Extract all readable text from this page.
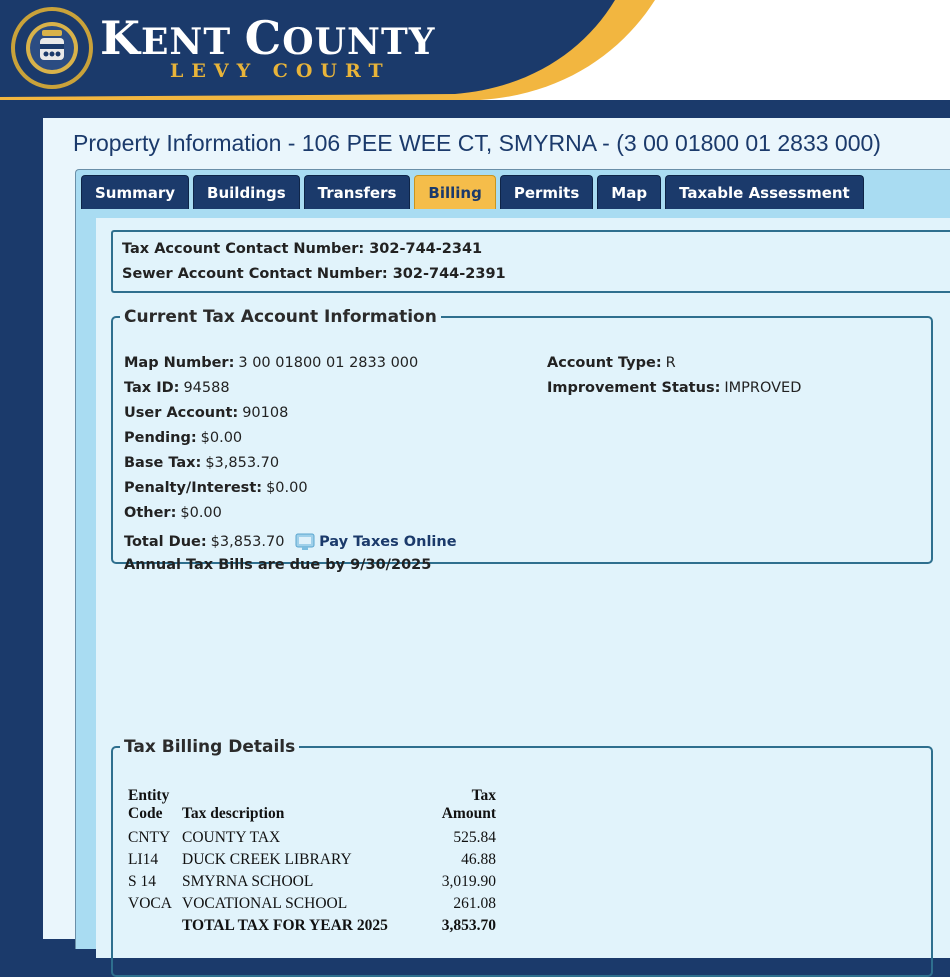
KENT COUNTY
LEVY COURT
Property Information - 106 PEE WEE CT, SMYRNA - (3 00 01800 01 2833 000)
Summary	Buildings	Transfers	Billing	Permits	Map	Taxable Assessment
Tax Account Contact Number: 302-744-2341
Sewer Account Contact Number: 302-744-2391
Current Tax Account Information
Map Number: 3 00 01800 01 2833 000
Tax ID: 94588
User Account: 90108
Pending: $0.00
Base Tax: $3,853.70
Penalty/Interest: $0.00
Other: $0.00
Total Due: $3,853.70 Pay Taxes Online
Annual Tax Bills are due by 9/30/2025
Account Type: R
Improvement Status: IMPROVED
Tax Billing Details
Entity
Code	Tax description	Tax
Amount
CNTY	COUNTY TAX	525.84
LI14	DUCK CREEK LIBRARY	46.88
S 14	SMYRNA SCHOOL	3,019.90
VOCA	VOCATIONAL SCHOOL	261.08
	TOTAL TAX FOR YEAR 2025	3,853.70
